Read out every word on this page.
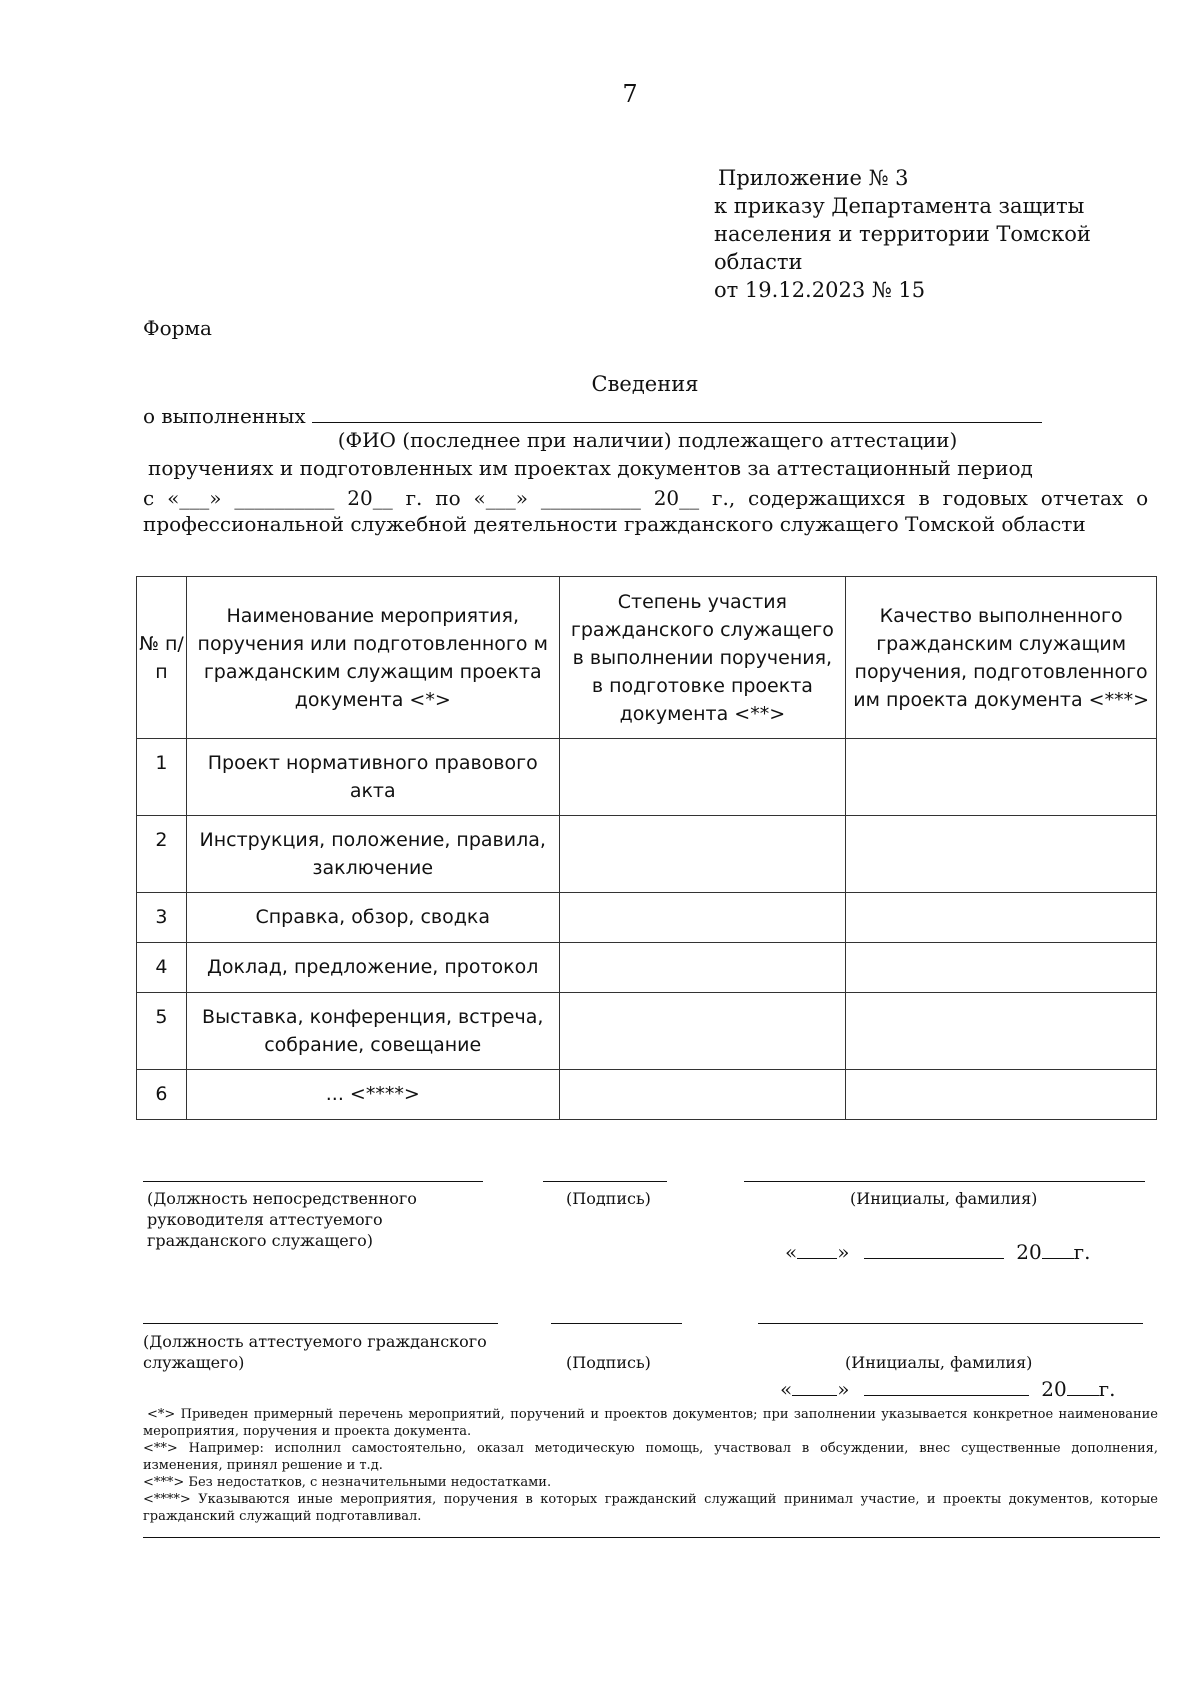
7
Приложение № 3
к приказу Департамента защиты
населения и территории Томской
области
от 19.12.2023 № 15
Форма
Сведения
о выполненных
(ФИО (последнее при наличии) подлежащего аттестации)
поручениях и подготовленных им проектах документов за аттестационный период
с «___» __________ 20__ г. по «___» __________ 20__ г., содержащихся в годовых отчетах о
профессиональной служебной деятельности гражданского служащего Томской области
№ п/п	Наименование мероприятия, поручения или подготовленного м гражданским служащим проекта документа <*>	Степень участия гражданского служащего в выполнении поручения, в подготовке проекта документа <**>	Качество выполненного гражданским служащим поручения, подготовленного им проекта документа <***>
1	Проект нормативного правового акта		
2	Инструкция, положение, правила, заключение		
3	Справка, обзор, сводка		
4	Доклад, предложение, протокол		
5	Выставка, конференция, встреча, собрание, совещание		
6	... <****>		
(Должность непосредственного руководителя аттестуемого гражданского служащего)
(Подпись)	(Инициалы, фамилия)
« »	20 г.
(Должность аттестуемого гражданского служащего)	(Подпись)	(Инициалы, фамилия)
« »	20 г.

<*> Приведен примерный перечень мероприятий, поручений и проектов документов; при заполнении указывается конкретное наименование мероприятия, поручения и проекта документа.

<**> Например: исполнил самостоятельно, оказал методическую помощь, участвовал в обсуждении, внес существенные дополнения, изменения, принял решение и т.д.

<***> Без недостатков, с незначительными недостатками.

<****> Указываются иные мероприятия, поручения в которых гражданский служащий принимал участие, и проекты документов, которые гражданский служащий подготавливал.
